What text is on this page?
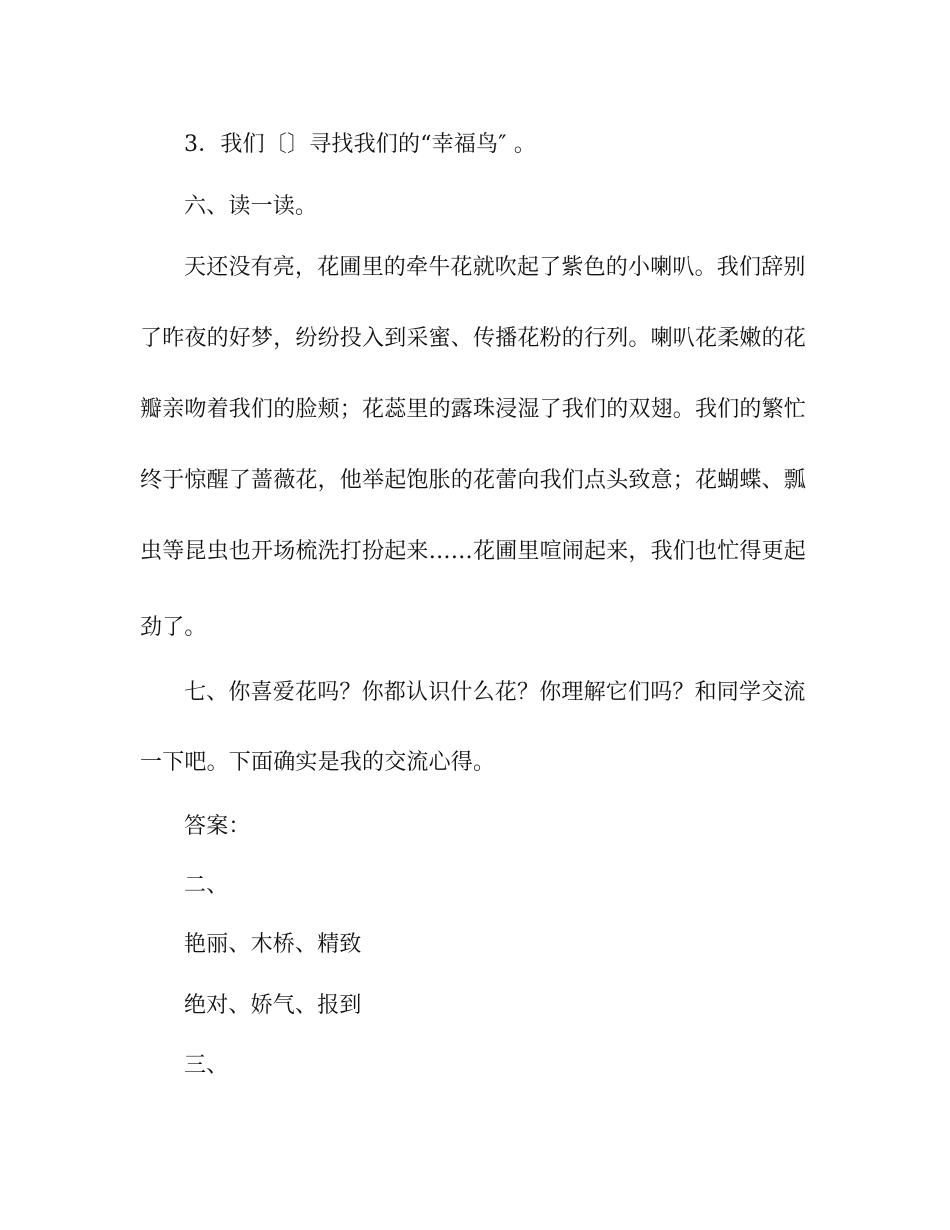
3．我们〔〕寻找我们的“幸福鸟″ 。
六、读一读。
天还没有亮，花圃里的牵牛花就吹起了紫色的小喇叭。我们辞别
了昨夜的好梦，纷纷投入到采蜜、传播花粉的行列。喇叭花柔嫩的花
瓣亲吻着我们的脸颊；花蕊里的露珠浸湿了我们的双翅。我们的繁忙
终于惊醒了蔷薇花，他举起饱胀的花蕾向我们点头致意；花蝴蝶、瓢
虫等昆虫也开场梳洗打扮起来……花圃里喧闹起来，我们也忙得更起
劲了。
七、你喜爱花吗？你都认识什么花？你理解它们吗？和同学交流
一下吧。下面确实是我的交流心得。
答案：
二、
艳丽、木桥、精致
绝对、娇气、报到
三、
